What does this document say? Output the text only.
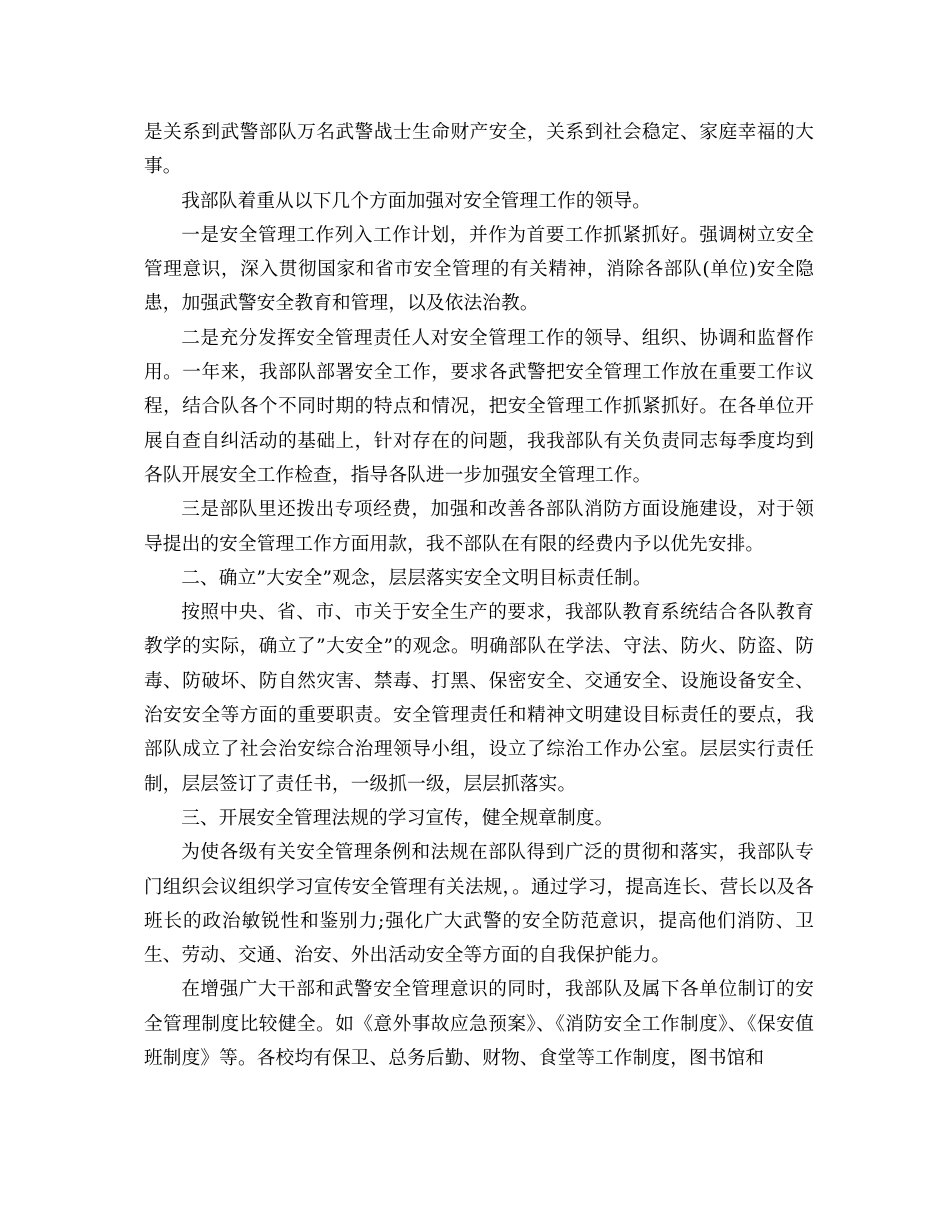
是关系到武警部队万名武警战士生命财产安全，关系到社会稳定、家庭幸福的大事。

我部队着重从以下几个方面加强对安全管理工作的领导。

一是安全管理工作列入工作计划，并作为首要工作抓紧抓好。强调树立安全管理意识，深入贯彻国家和省市安全管理的有关精神，消除各部队(单位)安全隐患，加强武警安全教育和管理，以及依法治教。

二是充分发挥安全管理责任人对安全管理工作的领导、组织、协调和监督作用。一年来，我部队部署安全工作，要求各武警把安全管理工作放在重要工作议程，结合队各个不同时期的特点和情况，把安全管理工作抓紧抓好。在各单位开展自查自纠活动的基础上，针对存在的问题，我我部队有关负责同志每季度均到各队开展安全工作检查，指导各队进一步加强安全管理工作。

三是部队里还拨出专项经费，加强和改善各部队消防方面设施建设，对于领导提出的安全管理工作方面用款，我不部队在有限的经费内予以优先安排。

二、确立”大安全”观念，层层落实安全文明目标责任制。

按照中央、省、市、市关于安全生产的要求，我部队教育系统结合各队教育教学的实际，确立了”大安全”的观念。明确部队在学法、守法、防火、防盗、防毒、防破坏、防自然灾害、禁毒、打黑、保密安全、交通安全、设施设备安全、治安安全等方面的重要职责。安全管理责任和精神文明建设目标责任的要点，我部队成立了社会治安综合治理领导小组，设立了综治工作办公室。层层实行责任制，层层签订了责任书，一级抓一级，层层抓落实。

三、开展安全管理法规的学习宣传，健全规章制度。

为使各级有关安全管理条例和法规在部队得到广泛的贯彻和落实，我部队专门组织会议组织学习宣传安全管理有关法规，。通过学习，提高连长、营长以及各班长的政治敏锐性和鉴别力;强化广大武警的安全防范意识，提高他们消防、卫生、劳动、交通、治安、外出活动安全等方面的自我保护能力。

在增强广大干部和武警安全管理意识的同时，我部队及属下各单位制订的安全管理制度比较健全。如《意外事故应急预案》、《消防安全工作制度》、《保安值班制度》等。各校均有保卫、总务后勤、财物、食堂等工作制度，图书馆和
